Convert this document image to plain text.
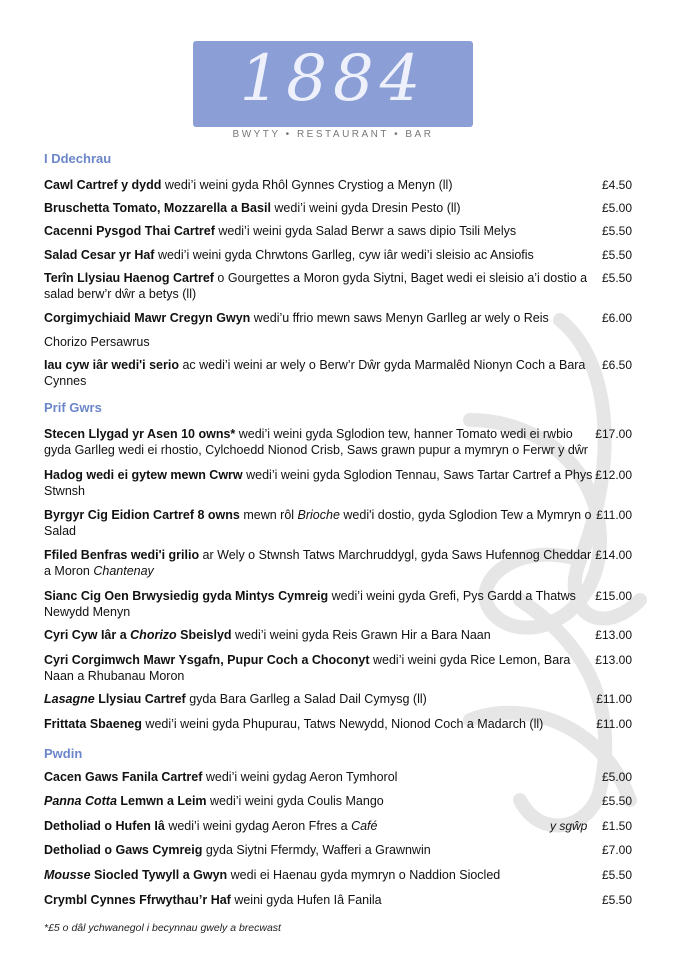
1884
BWYTY • RESTAURANT • BAR
I Ddechrau
Cawl Cartref y dydd wedi’i weini gyda Rhôl Gynnes Crystiog a Menyn (ll)	£4.50
Bruschetta Tomato, Mozzarella a Basil wedi’i weini gyda Dresin Pesto (ll)	£5.00
Cacenni Pysgod Thai Cartref wedi’i weini gyda Salad Berwr a saws dipio Tsili Melys	£5.50
Salad Cesar yr Haf wedi’i weini gyda Chrwtons Garlleg, cyw iâr wedi’i sleisio ac Ansiofis	£5.50
Terîn Llysiau Haenog Cartref o Gourgettes a Moron gyda Siytni, Baget wedi ei sleisio a’i dostio a salad berw’r dŵr a betys (ll)
£5.50
Corgimychiaid Mawr Cregyn Gwyn wedi’u ffrio mewn saws Menyn Garlleg ar wely o Reis	£6.00
Chorizo Persawrus
Iau cyw iâr wedi'i serio ac wedi’i weini ar wely o Berw’r Dŵr gyda Marmalêd Nionyn Coch a Bara Cynnes
£6.50
Prif Gwrs
Stecen Llygad yr Asen 10 owns* wedi’i weini gyda Sglodion tew, hanner Tomato wedi ei rwbio gyda Garlleg wedi ei rhostio, Cylchoedd Nionod Crisb, Saws grawn pupur a mymryn o Ferwr y dŵr
£17.00
Hadog wedi ei gytew mewn Cwrw wedi’i weini gyda Sglodion Tennau, Saws Tartar Cartref a Phys Stwnsh
£12.00
Byrgyr Cig Eidion Cartref 8 owns mewn rôl Brioche wedi'i dostio, gyda Sglodion Tew a Mymryn o Salad
£11.00
Ffiled Benfras wedi'i grilio ar Wely o Stwnsh Tatws Marchruddygl, gyda Saws Hufennog Cheddar a Moron Chantenay
£14.00
Sianc Cig Oen Brwysiedig gyda Mintys Cymreig wedi’i weini gyda Grefi, Pys Gardd a Thatws Newydd Menyn
£15.00
Cyri Cyw Iâr a Chorizo Sbeislyd wedi’i weini gyda Reis Grawn Hir a Bara Naan	£13.00
Cyri Corgimwch Mawr Ysgafn, Pupur Coch a Choconyt wedi’i weini gyda Rice Lemon, Bara Naan a Rhubanau Moron
£13.00
Lasagne Llysiau Cartref gyda Bara Garlleg a Salad Dail Cymysg (ll)	£11.00
Frittata Sbaeneg wedi’i weini gyda Phupurau, Tatws Newydd, Nionod Coch a Madarch (ll)	£11.00
Pwdin
Cacen Gaws Fanila Cartref wedi’i weini gydag Aeron Tymhorol	£5.00
Panna Cotta Lemwn a Leim wedi’i weini gyda Coulis Mango	£5.50
Detholiad o Hufen Iâ wedi’i weini gydag Aeron Ffres a Café	y sgŵp £1.50
Detholiad o Gaws Cymreig gyda Siytni Ffermdy, Wafferi a Grawnwin	£7.00
Mousse Siocled Tywyll a Gwyn wedi ei Haenau gyda mymryn o Naddion Siocled	£5.50
Crymbl Cynnes Ffrwythau’r Haf weini gyda Hufen Iâ Fanila	£5.50
*£5 o dâl ychwanegol i becynnau gwely a brecwast
